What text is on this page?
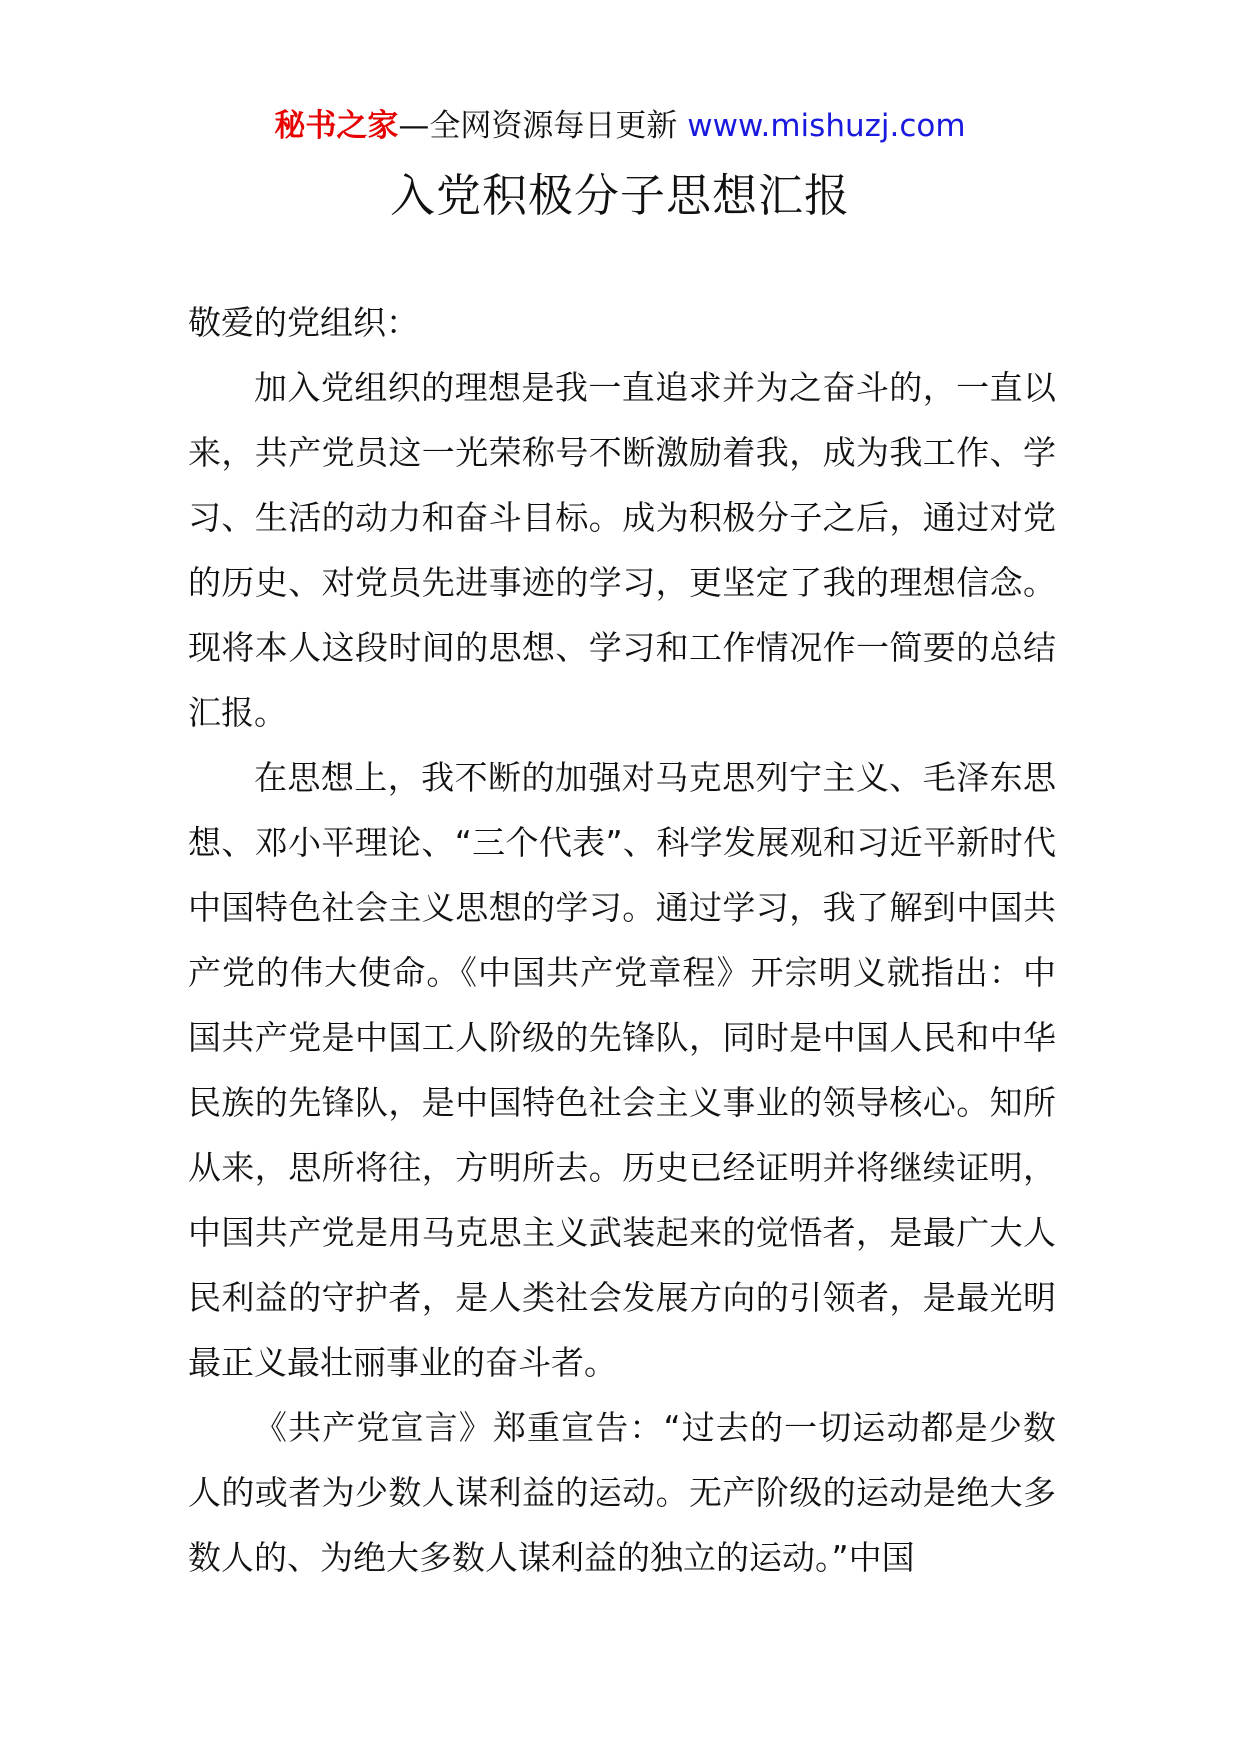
秘书之家—全网资源每日更新 www.mishuzj.com
入党积极分子思想汇报

敬爱的党组织：

加入党组织的理想是我一直追求并为之奋斗的，一直以来，共产党员这一光荣称号不断激励着我，成为我工作、学习、生活的动力和奋斗目标。成为积极分子之后，通过对党的历史、对党员先进事迹的学习，更坚定了我的理想信念。现将本人这段时间的思想、学习和工作情况作一简要的总结汇报。

在思想上，我不断的加强对马克思列宁主义、毛泽东思想、邓小平理论、“三个代表”、科学发展观和习近平新时代中国特色社会主义思想的学习。通过学习，我了解到中国共产党的伟大使命。《中国共产党章程》开宗明义就指出：中国共产党是中国工人阶级的先锋队，同时是中国人民和中华民族的先锋队，是中国特色社会主义事业的领导核心。知所从来，思所将往，方明所去。历史已经证明并将继续证明，中国共产党是用马克思主义武装起来的觉悟者，是最广大人民利益的守护者，是人类社会发展方向的引领者，是最光明最正义最壮丽事业的奋斗者。

《共产党宣言》郑重宣告：“过去的一切运动都是少数人的或者为少数人谋利益的运动。无产阶级的运动是绝大多数人的、为绝大多数人谋利益的独立的运动。”中国
